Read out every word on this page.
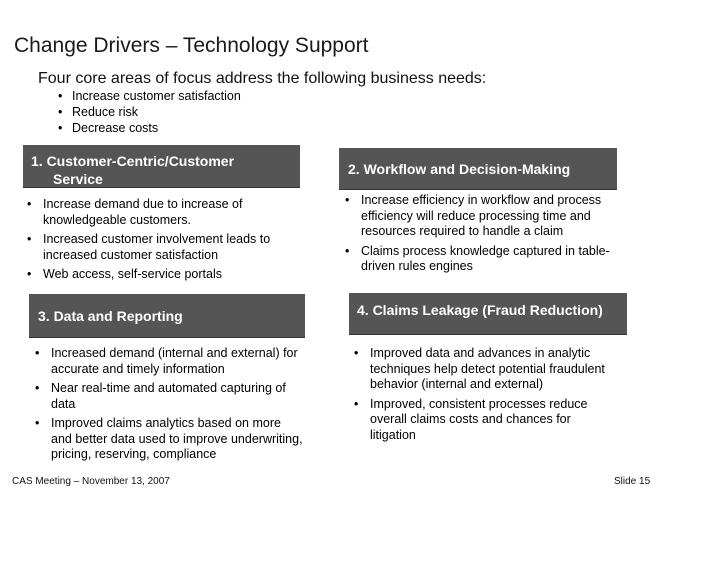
Change Drivers – Technology Support
Four core areas of focus address the following business needs:
• Increase customer satisfaction
• Reduce risk
• Decrease costs
1. Customer-Centric/Customer
Service
• Increase demand due to increase of knowledgeable customers.
• Increased customer involvement leads to increased customer satisfaction
• Web access, self-service portals
2. Workflow and Decision-Making
• Increase efficiency in workflow and process efficiency will reduce processing time and resources required to handle a claim
• Claims process knowledge captured in table-driven rules engines
3. Data and Reporting
• Increased demand (internal and external) for accurate and timely information
• Near real-time and automated capturing of data
• Improved claims analytics based on more and better data used to improve underwriting, pricing, reserving, compliance
4. Claims Leakage (Fraud Reduction)
• Improved data and advances in analytic techniques help detect potential fraudulent behavior (internal and external)
• Improved, consistent processes reduce overall claims costs and chances for litigation
CAS Meeting – November 13, 2007	Slide 15
